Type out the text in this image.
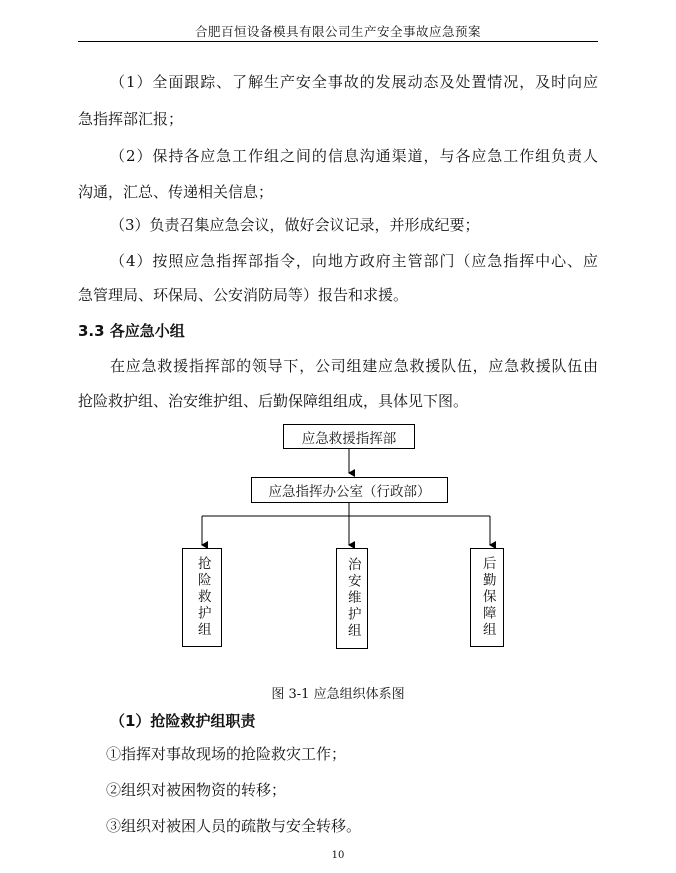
合肥百恒设备模具有限公司生产安全事故应急预案
（1）全面跟踪、了解生产安全事故的发展动态及处置情况，及时向应
急指挥部汇报；
（2）保持各应急工作组之间的信息沟通渠道，与各应急工作组负责人
沟通，汇总、传递相关信息；
（3）负责召集应急会议，做好会议记录，并形成纪要；
（4）按照应急指挥部指令，向地方政府主管部门（应急指挥中心、应
急管理局、环保局、公安消防局等）报告和求援。
3.3 各应急小组
在应急救援指挥部的领导下，公司组建应急救援队伍，应急救援队伍由
抢险救护组、治安维护组、后勤保障组组成，具体见下图。
应急救援指挥部
应急指挥办公室（行政部）
抢险救护组	治安维护组	后勤保障组
图 3-1 应急组织体系图
（1）抢险救护组职责
①指挥对事故现场的抢险救灾工作；
②组织对被困物资的转移；
③组织对被困人员的疏散与安全转移。
10
